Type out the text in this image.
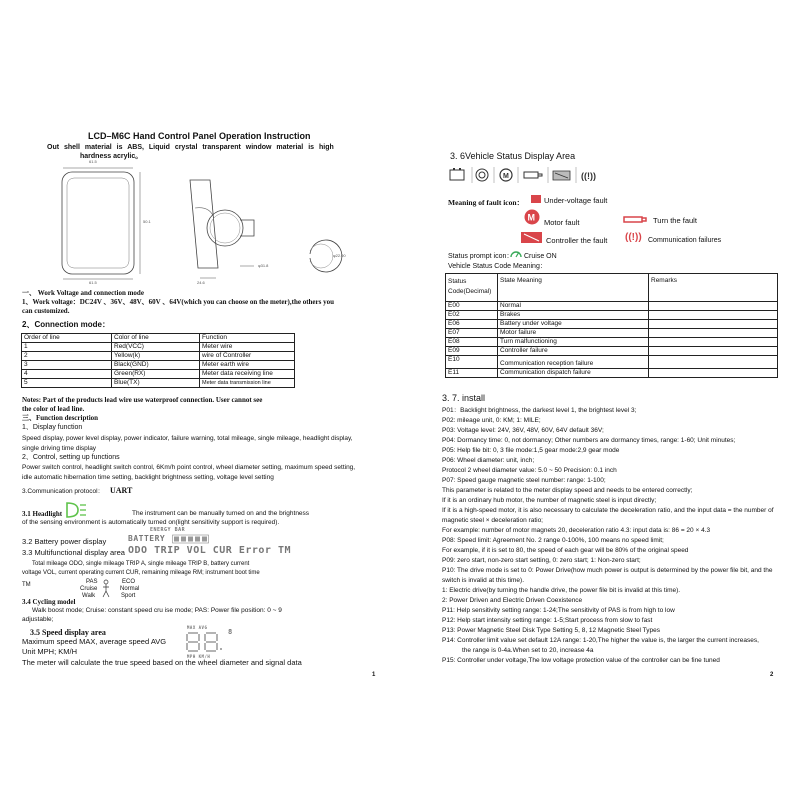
LCD–M6C Hand Control Panel Operation Instruction
Out shell material is ABS, Liquid crystal transparent window material is high
hardness acrylic。
61.5
50.1
61.5	24.6
φ31.8
φ22.00
一、 Work Voltage and connection mode
1、Work voltage：DC24V 、36V、48V、60V 、64V(which you can choose on the meter),the others you
can customized.
2、Connection mode：
Order of line	Color of line	Function
1	Red(VCC)	Meter wire
2	Yellow(k)	wire of Controller
3	Black(GND)	Meter earth wire
4	Green(RX)	Meter data receiving line
5	Blue(TX)	Meter data transmission line
Notes: Part of the products lead wire use waterproof connection. User cannot see
the color of lead line.
三、Function description
1、Display function
Speed display, power level display, power indicator, failure warning, total mileage, single mileage, headlight display,
single driving time display
2、Control, setting up functions
Power switch control, headlight switch control, 6Km/h point control, wheel diameter setting, maximum speed setting,
idle automatic hibernation time setting, backlight brightness setting, voltage level setting
3.Communication protocol： UART
3.1 Headlight	The instrument can be manually turned on and the brightness
of the sensing environment is automatically turned on(light sensitivity support is required).
3.2 Battery power display	BATTERY
ENERGY BAR
3.3 Multifunctional display area ODO TRIP VOL CUR Error TM
Total mileage ODO, single mileage TRIP A, single mileage TRIP B, battery current
voltage VOL, current operating current CUR, remaining mileage RM; instrument boot time
TM	PAS
Cruise
Walk
ECO
Normal
Sport
3.4 Cycling model
Walk boost mode; Cruise: constant speed cru ise mode; PAS: Power file position: 0 ~ 9
adjustable;
3.5 Speed display area
MAX AVG
8
MPH KM/H
Maximum speed MAX, average speed AVG
Unit MPH; KM/H
The meter will calculate the true speed based on the wheel diameter and signal data
1
3. 6Vehicle Status Display Area
M	((!))
Meaning of fault icon：	Under-voltage fault
M Motor fault	Turn the fault
Controller the fault ((!)) Communication failures
Status prompt icon： Cruise ON
Vehicle Status Code Meaning：
Status
Code(Decimal)	State Meaning	Remarks
E00	Normal	
E02	Brakes	
E06	Battery under voltage	
E07	Motor failure	
E08	Turn malfunctioning	
E09	Controller failure	
E10	Communication reception failure	
E11	Communication dispatch failure	
3. 7. install
P01：Backlight brightness, the darkest level 1, the brightest level 3;
P02: mileage unit, 0: KM; 1: MILE;
P03: Voltage level: 24V, 36V, 48V, 60V, 64V default 36V;
P04: Dormancy time: 0, not dormancy; Other numbers are dormancy times, range: 1-60; Unit minutes;
P05: Help file bit: 0, 3 file mode:1,5 gear mode:2,9 gear mode
P06: Wheel diameter: unit, inch;
Protocol 2 wheel diameter value: 5.0 ~ 50 Precision: 0.1 inch
P07: Speed gauge magnetic steel number: range: 1-100;
This parameter is related to the meter display speed and needs to be entered correctly;
If it is an ordinary hub motor, the number of magnetic steel is input directly;
If it is a high-speed motor, it is also necessary to calculate the deceleration ratio, and the input data = the number of
magnetic steel × deceleration ratio;
For example: number of motor magnets 20, deceleration ratio 4.3: input data is: 86 = 20 × 4.3
P08: Speed limit: Agreement No. 2 range 0-100%, 100 means no speed limit;
For example, if it is set to 80, the speed of each gear will be 80% of the original speed
P09: zero start, non-zero start setting, 0: zero start; 1: Non-zero start;
P10: The drive mode is set to 0: Power Drive(how much power is output is determined by the power file bit, and the
switch is invalid at this time).
1: Electric drive(by turning the handle drive, the power file bit is invalid at this time).
2: Power Driven and Electric Driven Coexistence
P11: Help sensitivity setting range: 1-24;The sensitivity of PAS is from high to low
P12: Help start intensity setting range: 1-5;Start process from slow to fast
P13: Power Magnetic Steel Disk Type Setting 5, 8, 12 Magnetic Steel Types
P14: Controller limit value set default 12A range: 1-20,The higher the value is, the larger the current increases,
the range is 0-4a.When set to 20, increase 4a
P15: Controller under voltage,The low voltage protection value of the controller can be fine tuned
2
